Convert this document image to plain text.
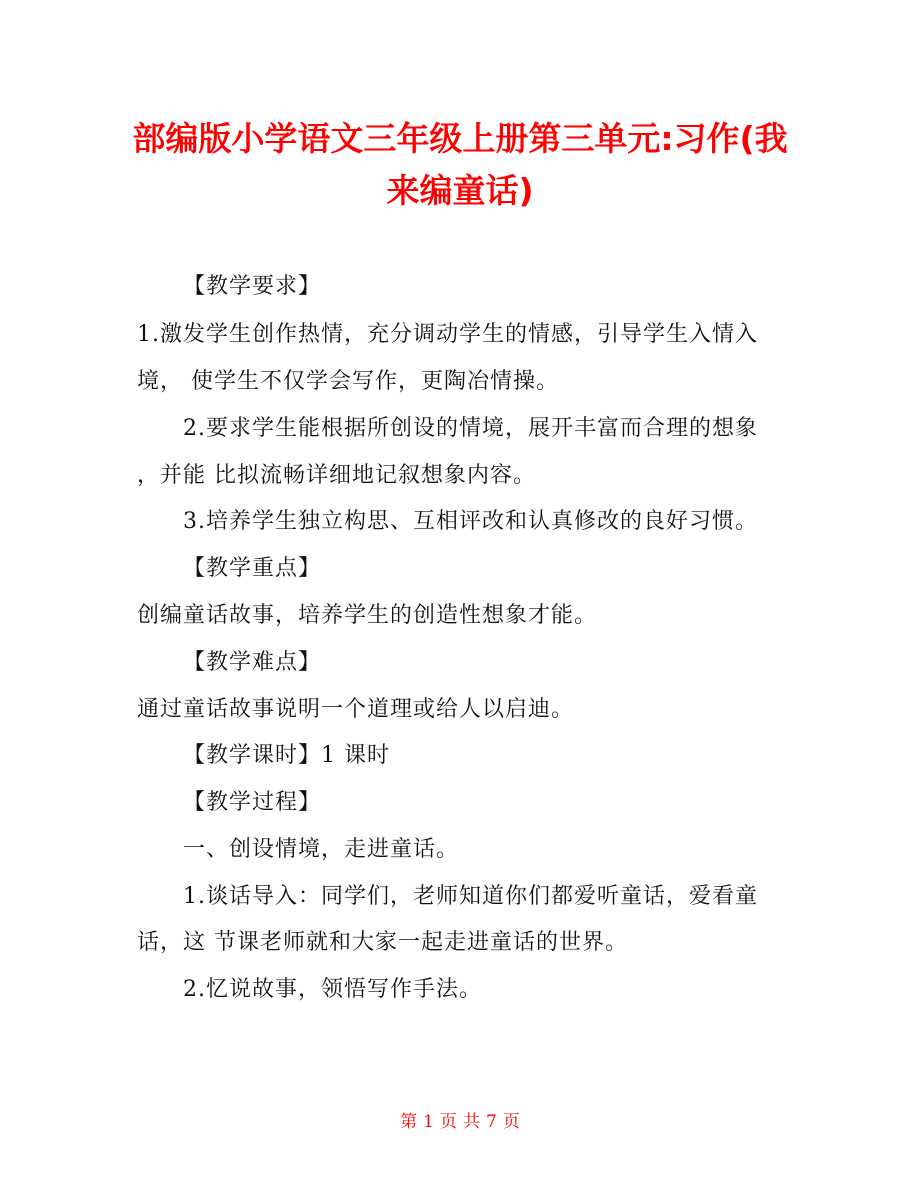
部编版小学语文三年级上册第三单元:习作(我
来编童话)
【教学要求】
1.激发学生创作热情，充分调动学生的情感，引导学生入情入
境， 使学生不仅学会写作，更陶冶情操。
2.要求学生能根据所创设的情境，展开丰富而合理的想象
，并能 比拟流畅详细地记叙想象内容。
3.培养学生独立构思、互相评改和认真修改的良好习惯。
【教学重点】
创编童话故事，培养学生的创造性想象才能。
【教学难点】
通过童话故事说明一个道理或给人以启迪。
【教学课时】1 课时
【教学过程】
一、创设情境，走进童话。
1.谈话导入：同学们，老师知道你们都爱听童话，爱看童
话，这 节课老师就和大家一起走进童话的世界。
2.忆说故事，领悟写作手法。
第 1 页 共 7 页
